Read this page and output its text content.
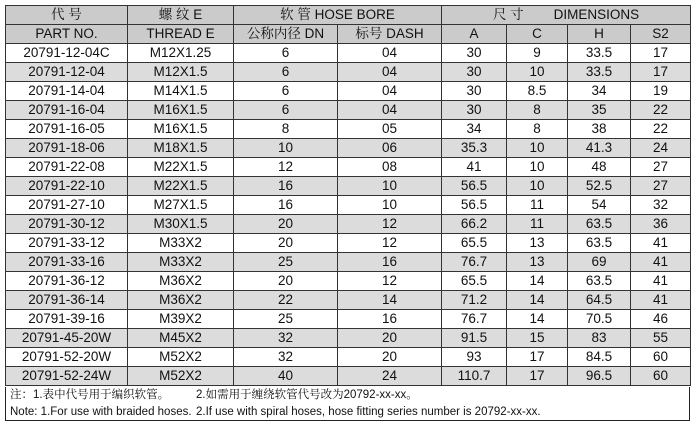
代 号	螺 纹 E	软 管 HOSE BORE		尺 寸        DIMENSIONS			
PART NO.	THREAD E	公称内径 DN	标号 DASH	A	C	H	S2
20791-12-04C	M12X1.25	6	04	30	9	33.5	17
20791-12-04	M12X1.5	6	04	30	10	33.5	17
20791-14-04	M14X1.5	6	04	30	8.5	34	19
20791-16-04	M16X1.5	6	04	30	8	35	22
20791-16-05	M16X1.5	8	05	34	8	38	22
20791-18-06	M18X1.5	10	06	35.3	10	41.3	24
20791-22-08	M22X1.5	12	08	41	10	48	27
20791-22-10	M22X1.5	16	10	56.5	10	52.5	27
20791-27-10	M27X1.5	16	10	56.5	11	54	32
20791-30-12	M30X1.5	20	12	66.2	11	63.5	36
20791-33-12	M33X2	20	12	65.5	13	63.5	41
20791-33-16	M33X2	25	16	76.7	13	69	41
20791-36-12	M36X2	20	12	65.5	14	63.5	41
20791-36-14	M36X2	22	14	71.2	14	64.5	41
20791-39-16	M39X2	25	16	76.7	14	70.5	46
20791-45-20W	M45X2	32	20	91.5	15	83	55
20791-52-20W	M52X2	32	20	93	17	84.5	60
20791-52-24W	M52X2	40	24	110.7	17	96.5	60
注：1.表中代号用于编织软管。 2.如需用于缠绕软管代号改为20792-xx-xx。
Note: 1.For use with braided hoses. 2.If use with spiral hoses, hose fitting series number is 20792-xx-xx.
